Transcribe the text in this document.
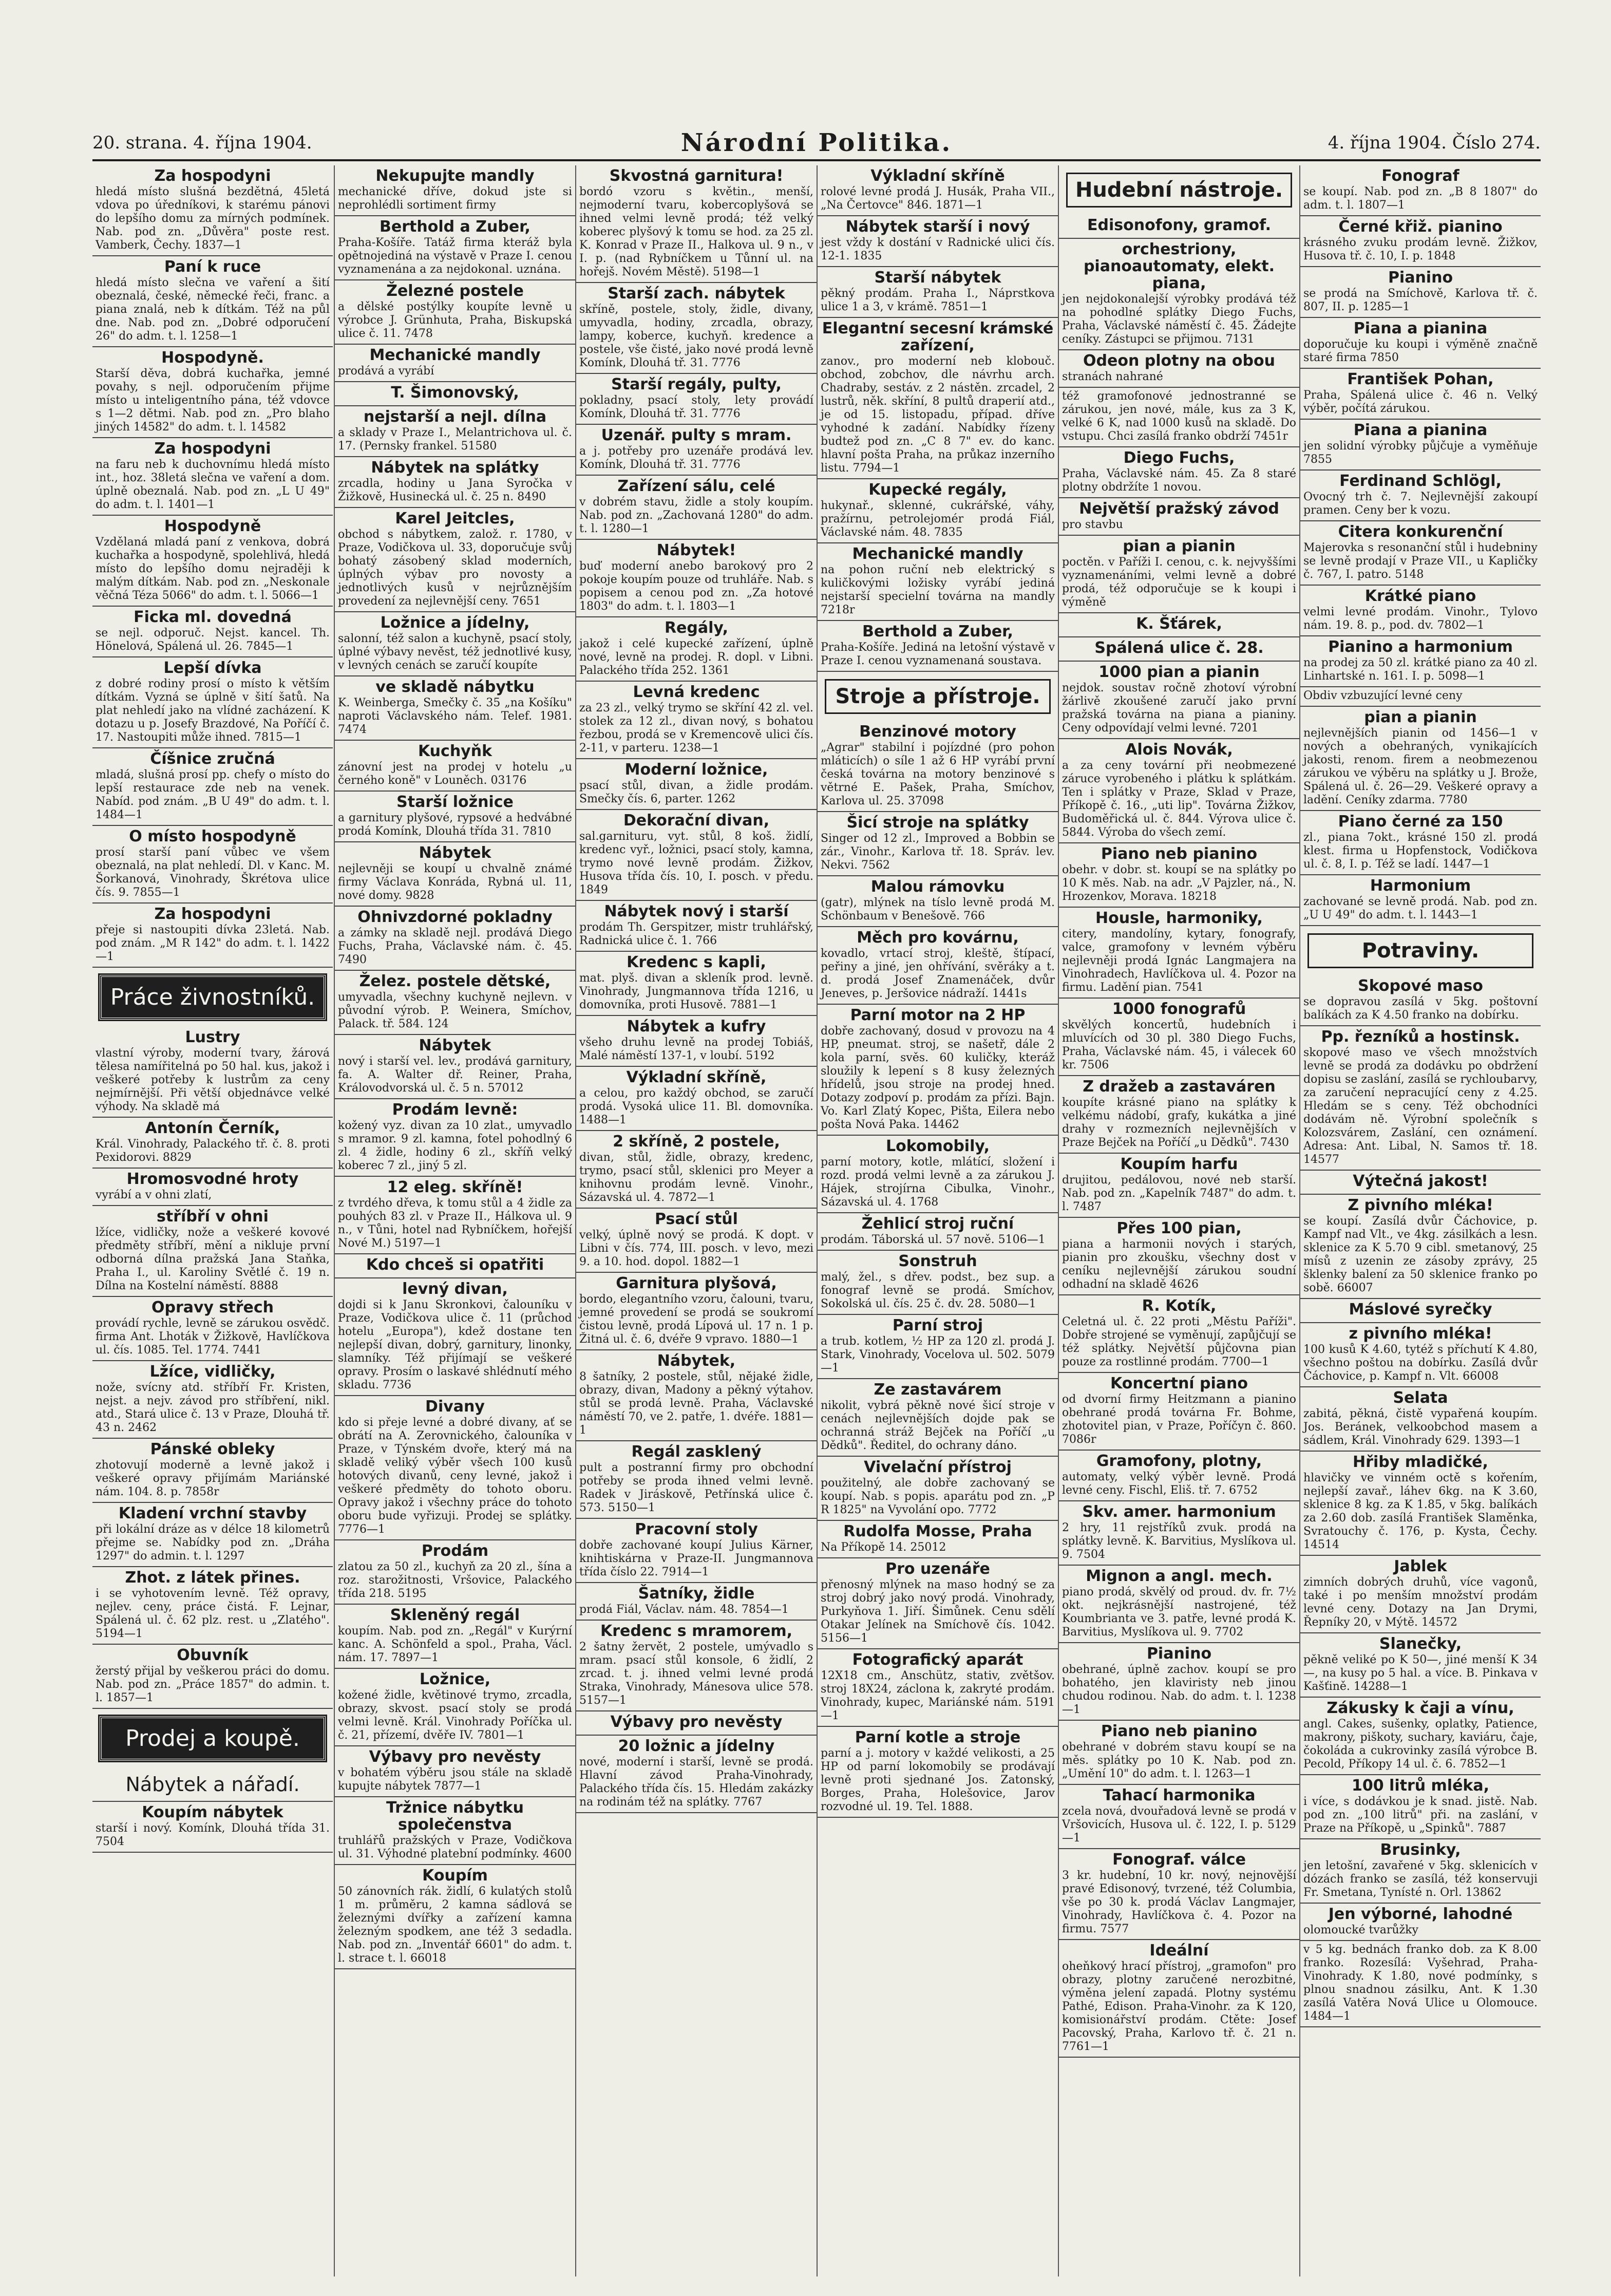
20. strana. 4. října 1904.	Národní Politika.	4. října 1904. Číslo 274.
Za hospodyni

hledá místo slušná bezdětná, 45letá vdova po úředníkovi, k starému pánovi do lepšího domu za mírných podmínek. Nab. pod zn. „Důvěra" poste rest. Vamberk, Čechy. 1837—1

Paní k ruce

hledá místo slečna ve vaření a šití obeznalá, české, německé řeči, franc. a piana znalá, neb k dítkám. Též na půl dne. Nab. pod zn. „Dobré odporučení 26" do adm. t. l. 1258—1

Hospodyně.

Starší děva, dobrá kuchařka, jemné povahy, s nejl. odporučením přijme místo u inteligentního pána, též vdovce s 1—2 dětmi. Nab. pod zn. „Pro blaho jiných 14582" do adm. t. l. 14582

Za hospodyni

na faru neb k duchovnímu hledá místo int., hoz. 38letá slečna ve vaření a dom. úplně obeznalá. Nab. pod zn. „L U 49" do adm. t. l. 1401—1

Hospodyně

Vzdělaná mladá paní z venkova, dobrá kuchařka a hospodyně, spolehlivá, hledá místo do lepšího domu nejraději k malým dítkám. Nab. pod zn. „Neskonale věčná Téza 5066" do adm. t. l. 5066—1

Ficka ml. dovedná

se nejl. odporuč. Nejst. kancel. Th. Hönelová, Spálená ul. 26. 7845—1

Lepší dívka

z dobré rodiny prosí o místo k větším dítkám. Vyzná se úplně v šití šatů. Na plat nehledí jako na vlídné zacházení. K dotazu u p. Josefy Brazdové, Na Poříčí č. 17. Nastoupiti může ihned. 7815—1

Číšnice zručná

mladá, slušná prosí pp. chefy o místo do lepší restaurace zde neb na venek. Nabíd. pod znám. „B U 49" do adm. t. l. 1484—1

O místo hospodyně

prosí starší paní vůbec ve všem obeznalá, na plat nehledí. Dl. v Kanc. M. Šorkanová, Vinohrady, Škrétova ulice čís. 9. 7855—1

Za hospodyni

přeje si nastoupiti dívka 23letá. Nab. pod znám. „M R 142" do adm. t. l. 1422—1

Práce živnostníků.
Lustry

vlastní výroby, moderní tvary, žárová tělesa namířitelná po 50 hal. kus, jakož i veškeré potřeby k lustrům za ceny nejmírnější. Při větší objednávce velké výhody. Na skladě má

Antonín Černík,

Král. Vinohrady, Palackého tř. č. 8. proti Pexidorovi. 8829

Hromosvodné hroty

vyrábí a v ohni zlatí,

stříbří v ohni

lžíce, vidličky, nože a veškeré kovové předměty stříbří, mění a nikluje první odborná dílna pražská Jana Staňka, Praha I., ul. Karoliny Světlé č. 19 n. Dílna na Kostelní náměstí. 8888

Opravy střech

provádí rychle, levně se zárukou osvědč. firma Ant. Lhoták v Žižkově, Havlíčkova ul. čís. 1085. Tel. 1774. 7441

Lžíce, vidličky,

nože, svícny atd. stříbří Fr. Kristen, nejst. a nejv. závod pro stříbření, nikl. atd., Stará ulice č. 13 v Praze, Dlouhá tř. 43 n. 2462

Pánské obleky

zhotovují moderně a levně jakož i veškeré opravy přijímám Mariánské nám. 104. 8. p. 7858r

Kladení vrchní stavby

při lokální dráze as v délce 18 kilometrů přejme se. Nabídky pod zn. „Dráha 1297" do admin. t. l. 1297

Zhot. z látek přines.

i se vyhotovením levně. Též opravy, nejlev. ceny, práce čistá. F. Lejnar, Spálená ul. č. 62 plz. rest. u „Zlatého". 5194—1

Obuvník

žerstý přijal by veškerou práci do domu. Nab. pod zn. „Práce 1857" do admin. t. l. 1857—1

Prodej a koupě.
Nábytek a nářadí.
Koupím nábytek

starší i nový. Komínk, Dlouhá třída 31. 7504

Nekupujte mandly

mechanické dříve, dokud jste si neprohlédli sortiment firmy

Berthold a Zuber,

Praha-Košíře. Tatáž firma kteráž byla opětnojediná na výstavě v Praze I. cenou vyznamenána a za nejdokonal. uznána.

Železné postele

a dělské postýlky koupíte levně u výrobce J. Grünhuta, Praha, Biskupská ulice č. 11. 7478

Mechanické mandly

prodává a vyrábí

T. Šimonovský,
nejstarší a nejl. dílna

a sklady v Praze I., Melantrichova ul. č. 17. (Pernsky frankel. 51580

Nábytek na splátky

zrcadla, hodiny u Jana Syročka v Žižkově, Husinecká ul. č. 25 n. 8490

Karel Jeitcles,

obchod s nábytkem, založ. r. 1780, v Praze, Vodičkova ul. 33, doporučuje svůj bohatý zásobený sklad moderních, úplných výbav pro novosty a jednotlivých kusů v nejrůznějším provedení za nejlevnější ceny. 7651

Ložnice a jídelny,

salonní, též salon a kuchyně, psací stoly, úplné výbavy nevěst, též jednotlivé kusy, v levných cenách se zaručí koupíte

ve skladě nábytku

K. Weinberga, Smečky č. 35 „na Košíku" naproti Václavského nám. Telef. 1981. 7474

Kuchyňk

zánovní jest na prodej v hotelu „u černého koně" v Louněch. 03176

Starší ložnice

a garnitury plyšové, rypsové a hedvábné prodá Komínk, Dlouhá třída 31. 7810

Nábytek

nejlevněji se koupí u chvalně známé firmy Václava Konráda, Rybná ul. 11, nové domy. 9828

Ohnivzdorné pokladny

a zámky na skladě nejl. prodává Diego Fuchs, Praha, Václavské nám. č. 45. 7490

Želez. postele dětské,

umyvadla, všechny kuchyně nejlevn. v původní výrob. P. Weinera, Smíchov, Palack. tř. 584. 124

Nábytek

nový i starší vel. lev., prodává garnitury, fa. A. Walter dř. Reiner, Praha, Královodvorská ul. č. 5 n. 57012

Prodám levně:

kožený vyz. divan za 10 zlat., umyvadlo s mramor. 9 zl. kamna, fotel pohodlný 6 zl. 4 židle, hodiny 6 zl., skříň velký koberec 7 zl., jiný 5 zl.

12 eleg. skříně!

z tvrdého dřeva, k tomu stůl a 4 židle za pouhých 83 zl. v Praze II., Hálkova ul. 9 n., v Tůni, hotel nad Rybníčkem, hořejší Nové M.) 5197—1

Kdo chceš si opatřiti
levný divan,

dojdi si k Janu Skronkovi, čalouníku v Praze, Vodičkova ulice č. 11 (průchod hotelu „Europa"), kdež dostane ten nejlepší divan, dobrý, garnitury, linonky, slamníky. Též přijímají se veškeré opravy. Prosím o laskavé shlédnutí mého skladu. 7736

Divany

kdo si přeje levné a dobré divany, ať se obrátí na A. Zerovnického, čalouníka v Praze, v Týnském dvoře, který má na skladě veliký výběr všech 100 kusů hotových divanů, ceny levné, jakož i veškeré předměty do tohoto oboru. Opravy jakož i všechny práce do tohoto oboru bude vyřizuji. Prodej se splátky. 7776—1

Prodám

zlatou za 50 zl., kuchyň za 20 zl., šína a roz. starožitnosti, Vršovice, Palackého třída 218. 5195

Skleněný regál

koupím. Nab. pod zn. „Regál" v Kurýrní kanc. A. Schönfeld a spol., Praha, Václ. nám. 17. 7897—1

Ložnice,

kožené židle, květinové trymo, zrcadla, obrazy, skvost. psací stoly se prodá velmi levně. Král. Vinohrady Poříčka ul. č. 21, přízemí, dvěře IV. 7801—1

Výbavy pro nevěsty

v bohatém výběru jsou stále na skladě kupujte nábytek 7877—1

Tržnice nábytku společenstva

truhlářů pražských v Praze, Vodičkova ul. 31. Výhodné platební podmínky. 4600

Koupím

50 zánovních rák. židlí, 6 kulatých stolů 1 m. průměru, 2 kamna sádlová se železnými dvířky a zařízení kamna železným spodkem, ane též 3 sedadla. Nab. pod zn. „Inventář 6601" do adm. t. l. strace t. l. 66018

Skvostná garnitura!

bordó vzoru s květin., menší, nejmoderní tvaru, kobercoplyšová se ihned velmi levně prodá; též velký koberec plyšový k tomu se hod. za 25 zl. K. Konrad v Praze II., Halkova ul. 9 n., v I. p. (nad Rybníčkem u Tůnní ul. na hořejš. Novém Městě). 5198—1

Starší zach. nábytek

skříně, postele, stoly, židle, divany, umyvadla, hodiny, zrcadla, obrazy, lampy, koberce, kuchyň. kredence a postele, vše čisté, jako nové prodá levně Komínk, Dlouhá tř. 31. 7776

Starší regály, pulty,

pokladny, psací stoly, lety provádí Komínk, Dlouhá tř. 31. 7776

Uzenář. pulty s mram.

a j. potřeby pro uzenáře prodává lev. Komínk, Dlouhá tř. 31. 7776

Zařízení sálu, celé

v dobrém stavu, židle a stoly koupím. Nab. pod zn. „Zachovaná 1280" do adm. t. l. 1280—1

Nábytek!

buď moderní anebo barokový pro 2 pokoje koupím pouze od truhláře. Nab. s popisem a cenou pod zn. „Za hotové 1803" do adm. t. l. 1803—1

Regály,

jakož i celé kupecké zařízení, úplně nové, levně na prodej. R. dopl. v Libni. Palackého třída 252. 1361

Levná kredenc

za 23 zl., velký trymo se skříní 42 zl. vel. stolek za 12 zl., divan nový, s bohatou řezbou, prodá se v Kremencově ulici čís. 2-11, v parteru. 1238—1

Moderní ložnice,

psací stůl, divan, a židle prodám. Smečky čís. 6, parter. 1262

Dekorační divan,

sal.garnituru, vyt. stůl, 8 koš. židlí, kredenc vyř., ložnici, psací stoly, kamna, trymo nové levně prodám. Žižkov, Husova třída čís. 10, I. posch. v předu. 1849

Nábytek nový i starší

prodám Th. Gerspitzer, mistr truhlářský, Radnická ulice č. 1. 766

Kredenc s kapli,

mat. plyš. divan a skleník prod. levně. Vinohrady, Jungmannova třída 1216, u domovníka, proti Husově. 7881—1

Nábytek a kufry

všeho druhu levně na prodej Tobiáš, Malé náměstí 137-1, v loubí. 5192

Výkladní skříně,

a celou, pro každý obchod, se zaručí prodá. Vysoká ulice 11. Bl. domovníka. 1488—1

2 skříně, 2 postele,

divan, stůl, židle, obrazy, kredenc, trymo, psací stůl, sklenici pro Meyer a knihovnu prodám levně. Vinohr., Sázavská ul. 4. 7872—1

Psací stůl

velký, úplně nový se prodá. K dopt. v Libni v čís. 774, III. posch. v levo, mezi 9. a 10. hod. dopol. 1882—1

Garnitura plyšová,

bordo, elegantního vzoru, čalouni, tvaru, jemné provedení se prodá se soukromí čistou levně, prodá Lípová ul. 17 n. 1 p. Žitná ul. č. 6, dvéře 9 vpravo. 1880—1

Nábytek,

8 šatníky, 2 postele, stůl, nějaké židle, obrazy, divan, Madony a pěkný výtahov. stůl se prodá levně. Praha, Václavské náměstí 70, ve 2. patře, 1. dvéře. 1881—1

Regál zasklený

pult a postranní firmy pro obchodní potřeby se proda ihned velmi levně. Radek v Jiráskově, Petřínská ulice č. 573. 5150—1

Pracovní stoly

dobře zachované koupí Julius Kärner, knihtiskárna v Praze-II. Jungmannova třída číslo 22. 7914—1

Šatníky, židle

prodá Fiál, Václav. nám. 48. 7854—1

Kredenc s mramorem,

2 šatny žervět, 2 postele, umývadlo s mram. psací stůl konsole, 6 židlí, 2 zrcad. t. j. ihned velmi levné prodá Straka, Vinohrady, Mánesova ulice 578. 5157—1

Výbavy pro nevěsty
20 ložnic a jídelny

nové, moderní i starší, levně se prodá. Hlavní závod Praha-Vinohrady, Palackého třída čís. 15. Hledám zakázky na rodinám též na splátky. 7767

Výkladní skříně

rolové levné prodá J. Husák, Praha VII., „Na Čertovce" 846. 1871—1

Nábytek starší i nový

jest vždy k dostání v Radnické ulici čís. 12-1. 1835

Starší nábytek

pěkný prodám. Praha I., Náprstkova ulice 1 a 3, v krámě. 7851—1

Elegantní secesní krámské zařízení,

zanov., pro moderní neb klobouč. obchod, zobchov, dle návrhu arch. Chadraby, sestáv. z 2 nástěn. zrcadel, 2 lustrů, něk. skříní, 8 pultů draperií atd., je od 15. listopadu, případ. dříve vyhodné k zadání. Nabídky řízeny budtež pod zn. „C 8 7" ev. do kanc. hlavní pošta Praha, na průkaz inzerního listu. 7794—1

Kupecké regály,

hukynař., sklenné, cukrářské, váhy, pražírnu, petrolejomér prodá Fiál, Václavské nám. 48. 7835

Mechanické mandly

na pohon ruční neb elektrický s kuličkovými ložisky vyrábí jediná nejstarší specielní továrna na mandly 7218r

Berthold a Zuber,

Praha-Košíře. Jediná na letošní výstavě v Praze I. cenou vyznamenaná soustava.

Stroje a přístroje.
Benzinové motory

„Agrar" stabilní i pojízdné (pro pohon mláticích) o síle 1 až 6 HP vyrábí první česká továrna na motory benzinové s větrné E. Pašek, Praha, Smíchov, Karlova ul. 25. 37098

Šicí stroje na splátky

Singer od 12 zl., Improved a Bobbin se zár., Vinohr., Karlova tř. 18. Správ. lev. Nekvi. 7562

Malou rámovku

(gatr), mlýnek na tíslo levně prodá M. Schönbaum v Benešově. 766

Měch pro kovárnu,

kovadlo, vrtací stroj, kleště, štípací, peřiny a jiné, jen ohřívání, svěráky a t. d. prodá Josef Znamenáček, dvůr Jeneves, p. Jeršovice nádraží. 1441s

Parní motor na 2 HP

dobře zachovaný, dosud v provozu na 4 HP, pneumat. stroj, se našetř, dále 2 kola parní, svěs. 60 kuličky, kteráž sloužily k lepení s 8 kusy železných hřídelů, jsou stroje na prodej hned. Dotazy zodpoví p. prodám za přízi. Bajn. Vo. Karl Zlatý Kopec, Pišta, Eilera nebo pošta Nová Paka. 14462

Lokomobily,

parní motory, kotle, mlátící, složení i rozd. prodá velmi levně a za zárukou J. Hájek, strojírna Cibulka, Vinohr., Sázavská ul. 4. 1768

Žehlicí stroj ruční

prodám. Táborská ul. 57 nově. 5106—1

Sonstruh

malý, žel., s dřev. podst., bez sup. a fonograf levně se prodá. Smíchov, Sokolská ul. čís. 25 č. dv. 28. 5080—1

Parní stroj

a trub. kotlem, ½ HP za 120 zl. prodá J. Stark, Vinohrady, Vocelova ul. 502. 5079—1

Ze zastavárem

nikolit, vybrá pěkně nové šicí stroje v cenách nejlevnějších dojde pak se ochranná stráž Bejček na Poříčí „u Dědků". Ředitel, do ochrany dáno.

Vivelační přístroj

použitelný, ale dobře zachovaný se koupí. Nab. s popis. aparátu pod zn. „P R 1825" na Vyvolání opo. 7772

Rudolfa Mosse, Praha

Na Příkopě 14. 25012

Pro uzenáře

přenosný mlýnek na maso hodný se za stroj dobrý jako nový prodá. Vinohrady, Purkyňova 1. Jiří. Šimůnek. Cenu sdělí Otakar Jelínek na Smíchově čís. 1042. 5156—1

Fotografický aparát

12X18 cm., Anschütz, stativ, zvětšov. stroj 18X24, záclona k, zakryté prodám. Vinohrady, kupec, Mariánské nám. 5191—1

Parní kotle a stroje

parní a j. motory v každé velikosti, a 25 HP od parní lokomobily se prodávají levně proti sjednané Jos. Zatonský, Borges, Praha, Holešovice, Jarov rozvodné ul. 19. Tel. 1888.

Hudební nástroje.
Edisonofony, gramof.
orchestriony, pianoautomaty, elekt. piana,

jen nejdokonalejší výrobky prodává též na pohodlné splátky Diego Fuchs, Praha, Václavské náměstí č. 45. Žádejte ceníky. Zástupci se přijmou. 7131

Odeon plotny na obou

stranách nahrané

též gramofonové jednostranné se zárukou, jen nové, mále, kus za 3 K, velké 6 K, nad 1000 kusů na skladě. Do vstupu. Chci zasílá franko obdrží 7451r

Diego Fuchs,

Praha, Václavské nám. 45. Za 8 staré plotny obdržíte 1 novou.

Největší pražský závod

pro stavbu

pian a pianin

poctěn. v Paříži I. cenou, c. k. nejvyššími vyznamenáními, velmi levně a dobré prodá, též odporučuje se k koupi i výměně

K. Šťárek,
Spálená ulice č. 28.
1000 pian a pianin

nejdok. soustav ročně zhotoví výrobní žárlivě zkoušené zaručí jako první pražská továrna na piana a pianiny. Ceny odpovídají velmi levné. 7201

Alois Novák,

a za ceny tovární při neobmezené záruce vyrobeného i plátku k splátkám. Ten i splátky v Praze, Sklad v Praze, Příkopě č. 16., „uti lip". Továrna Žižkov, Budoměřická ul. č. 844. Výrova ulice č. 5844. Výroba do všech zemí.

Piano neb pianino

obehr. v dobr. st. koupí se na splátky po 10 K měs. Nab. na adr. „V Pajzler, ná., N. Hrozenkov, Morava. 18218

Housle, harmoniky,

citery, mandolíny, kytary, fonografy, valce, gramofony v levném výběru nejlevněji prodá Ignác Langmajera na Vinohradech, Havlíčkova ul. 4. Pozor na firmu. Ladění pian. 7541

1000 fonografů

skvělých koncertů, hudebních i mluvících od 30 pl. 380 Diego Fuchs, Praha, Václavské nám. 45, i válecek 60 kr. 7506

Z dražeb a zastaváren

koupíte krásné piano na splátky k velkému nádobí, grafy, kukátka a jiné drahy v rozmezních nejlevnějších v Praze Bejček na Poříčí „u Dědků". 7430

Koupím harfu

drujitou, pedálovou, nové neb starší. Nab. pod zn. „Kapelník 7487" do adm. t. l. 7487

Přes 100 pian,

piana a harmonii nových i starých, pianin pro zkoušku, všechny dost v ceníku nejlevnější zárukou soudní odhadní na skladě 4626

R. Kotík,

Celetná ul. č. 22 proti „Městu Paříži". Dobře strojené se vyměnují, zapůjčují se též splátky. Největší půjčovna pian pouze za rostlinné prodám. 7700—1

Koncertní piano

od dvorní firmy Heitzmann a pianino obehrané prodá továrna Fr. Bohme, zhotovitel pian, v Praze, Poříčyn č. 860. 7086r

Gramofony, plotny,

automaty, velký výběr levně. Prodá levné ceny. Fischl, Eliš. tř. 7. 6752

Skv. amer. harmonium

2 hry, 11 rejstříků zvuk. prodá na splátky levně. K. Barvitius, Myslíkova ul. 9. 7504

Mignon a angl. mech.

piano prodá, skvělý od proud. dv. fr. 7½ okt. nejkrásnější nastrojené, též Koumbrianta ve 3. patře, levné prodá K. Barvitius, Myslíkova ul. 9. 7702

Pianino

obehrané, úplně zachov. koupí se pro bohatého, jen klaviristy neb jinou chudou rodinou. Nab. do adm. t. l. 1238—1

Piano neb pianino

obehrané v dobrém stavu koupí se na měs. splátky po 10 K. Nab. pod zn. „Umění 10" do adm. t. l. 1263—1

Tahací harmonika

zcela nová, dvouřadová levně se prodá v Vršovicích, Husova ul. č. 122, I. p. 5129—1

Fonograf. válce

3 kr. hudební, 10 kr. nový, nejnovější pravé Edisonový, tvrzené, též Columbia, vše po 30 k. prodá Václav Langmajer, Vinohrady, Havlíčkova č. 4. Pozor na firmu. 7577

Ideální

oheňkový hrací přístroj, „gramofon" pro obrazy, plotny zaručené nerozbitné, výměna jelení zapadá. Plotny systému Pathé, Edison. Praha-Vinohr. za K 120, komisionářství prodám. Ctěte: Josef Pacovský, Praha, Karlovo tř. č. 21 n. 7761—1

Fonograf

se koupí. Nab. pod zn. „B 8 1807" do adm. t. l. 1807—1

Černé křiž. pianino

krásného zvuku prodám levně. Žižkov, Husova tř. č. 10, I. p. 1848

Pianino

se prodá na Smíchově, Karlova tř. č. 807, II. p. 1285—1

Piana a pianina

doporučuje ku koupi i výměně značně staré firma 7850

František Pohan,

Praha, Spálená ulice č. 46 n. Velký výběr, počítá zárukou.

Piana a pianina

jen solidní výrobky půjčuje a vyměňuje 7855

Ferdinand Schlögl,

Ovocný trh č. 7. Nejlevnější zakoupí pramen. Ceny ber k vozu.

Citera konkurenční

Majerovka s resonanční stůl i hudebniny se levně prodají v Praze VII., u Kapličky č. 767, I. patro. 5148

Krátké piano

velmi levné prodám. Vinohr., Tylovo nám. 19. 8. p., pod. dv. 7802—1

Pianino a harmonium

na prodej za 50 zl. krátké piano za 40 zl. Linhartské n. 161. I. p. 5098—1

Obdiv vzbuzující levné ceny

pian a pianin

nejlevnějších pianin od 1456—1 v nových a obehraných, vynikajících jakosti, renom. firem a neobmezenou zárukou ve výběru na splátky u J. Brože, Spálená ul. č. 26—29. Veškeré opravy a ladění. Ceníky zdarma. 7780

Piano černé za 150

zl., piana 7okt., krásné 150 zl. prodá klest. firma u Hopfenstock, Vodičkova ul. č. 8, I. p. Též se ladí. 1447—1

Harmonium

zachované se levně prodá. Nab. pod zn. „U U 49" do adm. t. l. 1443—1

Potraviny.
Skopové maso

se dopravou zasílá v 5kg. poštovní balíkách za K 4.50 franko na dobírku.

Pp. řezníků a hostinsk.

skopové maso ve všech množstvích levně se prodá za dodávku po obdržení dopisu se zaslání, zasílá se rychloubarvy, za zaručení nepracující ceny z 4.25. Hledám se s ceny. Též obchodníci dodávám ně. Výrobní společník s Kolozsvárem, Zaslání, cen oznámení. Adresa: Ant. Libal, N. Samos tř. 18. 14577

Výtečná jakost!
Z pivního mléka!

se koupí. Zasílá dvůr Čáchovice, p. Kampf nad Vlt., ve 4kg. zásilkách a lesn. sklenice za K 5.70 9 cibl. smetanový, 25 mísů z uzenin ze zásoby zprávy, 25 šklenky balení za 50 sklenice franko po sobě. 66007

Máslové syrečky
z pivního mléka!

100 kusů K 4.60, tytéž s příchutí K 4.80, všechno poštou na dobírku. Zasílá dvůr Čáchovice, p. Kampf n. Vlt. 66008

Selata

zabitá, pěkná, čistě vypařená koupím. Jos. Beránek, velkoobchod masem a sádlem, Král. Vinohrady 629. 1393—1

Hřiby mladičké,

hlavičky ve vinném octě s kořením, nejlepší zavař., láhev 6kg. na K 3.60, sklenice 8 kg. za K 1.85, v 5kg. balíkách za 2.60 dob. zasílá František Slaměnka, Svratouchy č. 176, p. Kysta, Čechy. 14514

Jablek

zimních dobrých druhů, více vagonů, také i po menším množství prodám levné ceny. Dotazy na Jan Drymi, Řepníky 20, v Mýtě. 14572

Slanečky,

pěkně veliké po K 50—, jiné menší K 34—, na kusy po 5 hal. a více. B. Pinkava v Kašťině. 14288—1

Zákusky k čaji a vínu,

angl. Cakes, sušenky, oplatky, Patience, makrony, piškoty, suchary, kaviáru, čaje, čokoláda a cukrovinky zasílá výrobce B. Pecold, Příkopy 14 ul. č. 6. 7852—1

100 litrů mléka,

i více, s dodávkou je k snad. jistě. Nab. pod zn. „100 litrů" při. na zaslání, v Praze na Příkopě, u „Spinků". 7887

Brusinky,

jen letošní, zavařené v 5kg. sklenicích v dózách franko se zasílá, též konservuji Fr. Smetana, Tynísté n. Orl. 13862

Jen výborné, lahodné

olomoucké tvarůžky

v 5 kg. bednách franko dob. za K 8.00 franko. Rozesílá: Vyšehrad, Praha-Vinohrady. K 1.80, nové podmínky, s plnou snadnou zásilku, Ant. K 1.30 zasílá Vatěra Nová Ulice u Olomouce. 1484—1
